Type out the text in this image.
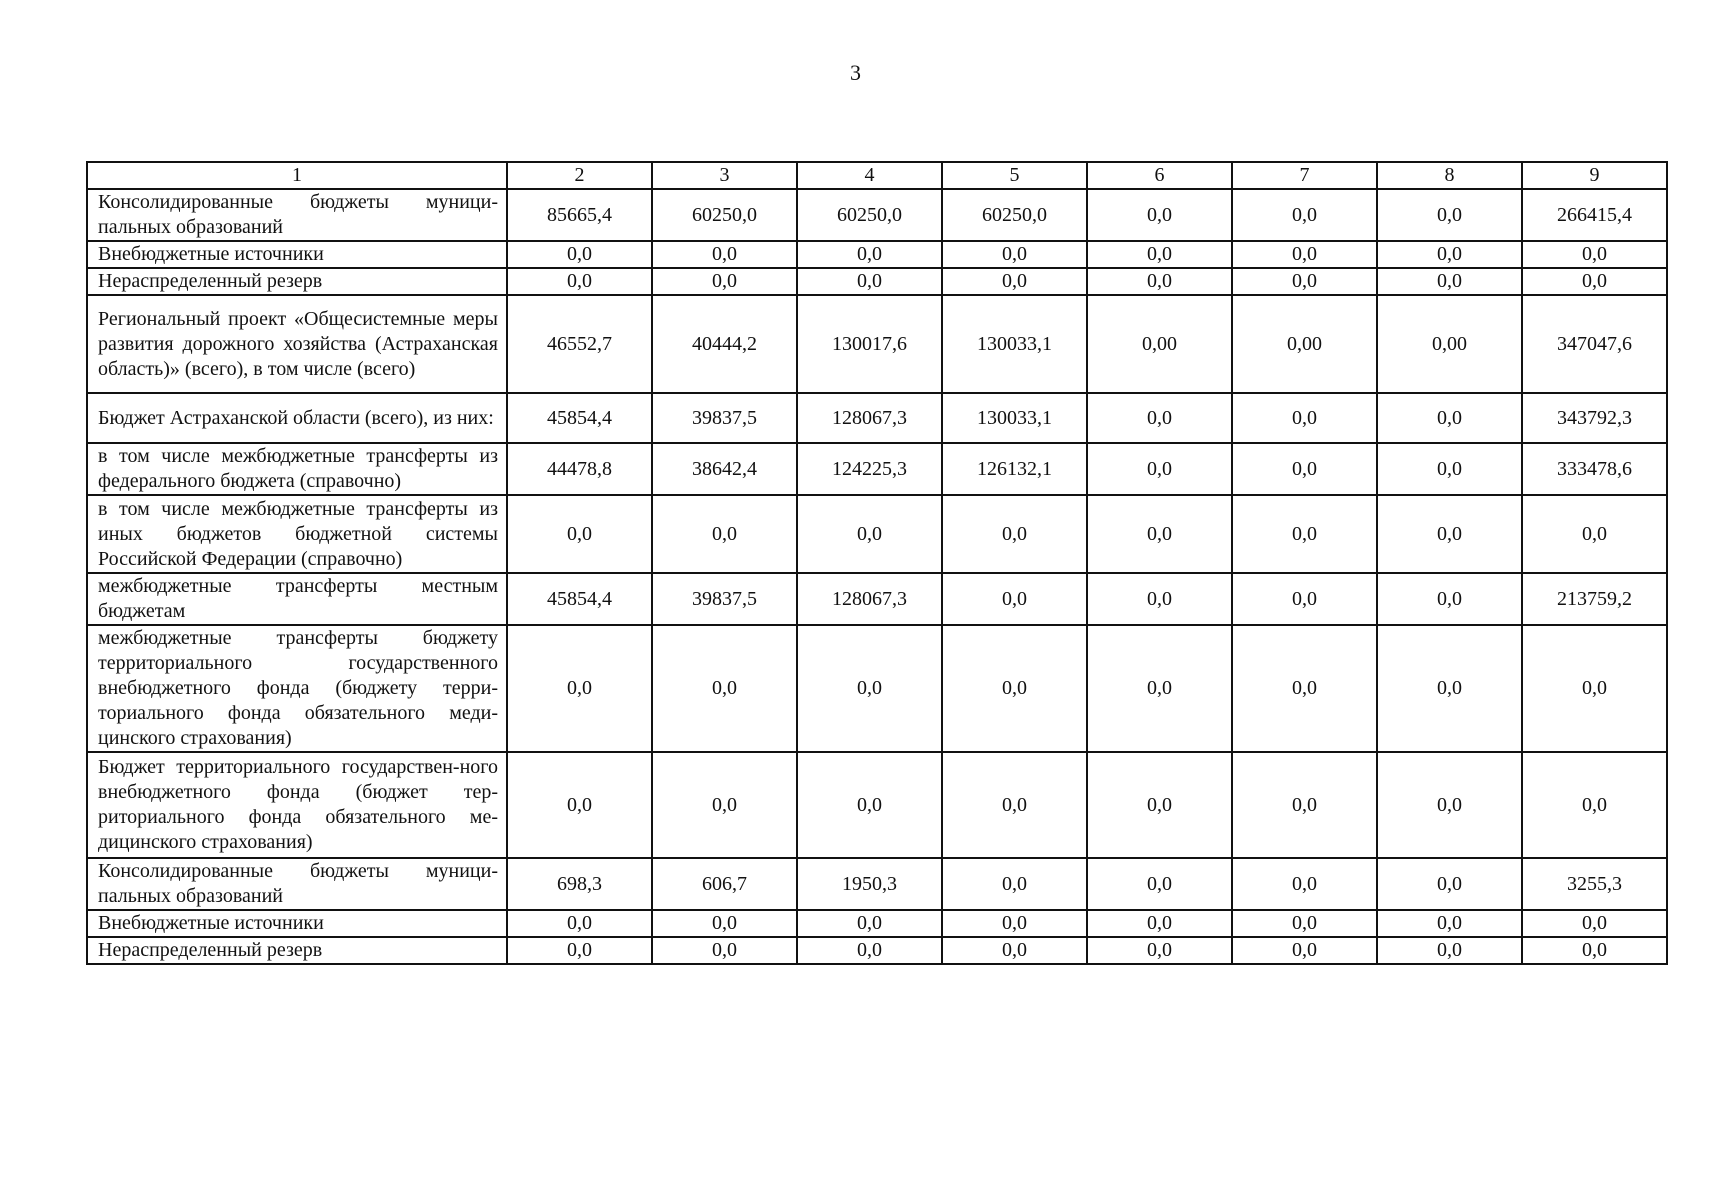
3
1	2	3	4	5	6	7	8	9
Консолидированные бюджеты муници-пальных образований	85665,4	60250,0	60250,0	60250,0	0,0	0,0	0,0	266415,4
Внебюджетные источники	0,0	0,0	0,0	0,0	0,0	0,0	0,0	0,0
Нераспределенный резерв	0,0	0,0	0,0	0,0	0,0	0,0	0,0	0,0
Региональный проект «Общесистемные меры развития дорожного хозяйства (Астраханская область)» (всего), в том числе (всего)	46552,7	40444,2	130017,6	130033,1	0,00	0,00	0,00	347047,6
Бюджет Астраханской области (всего), из них:	45854,4	39837,5	128067,3	130033,1	0,0	0,0	0,0	343792,3
в том числе межбюджетные трансферты из федерального бюджета (справочно)	44478,8	38642,4	124225,3	126132,1	0,0	0,0	0,0	333478,6
в том числе межбюджетные трансферты из иных бюджетов бюджетной системы Российской Федерации (справочно)	0,0	0,0	0,0	0,0	0,0	0,0	0,0	0,0
межбюджетные трансферты местным бюджетам	45854,4	39837,5	128067,3	0,0	0,0	0,0	0,0	213759,2
межбюджетные трансферты бюджету территориального государственного внебюджетного фонда (бюджету терри-ториального фонда обязательного меди-цинского страхования)	0,0	0,0	0,0	0,0	0,0	0,0	0,0	0,0
Бюджет территориального государствен-ного внебюджетного фонда (бюджет тер-риториального фонда обязательного ме-дицинского страхования)	0,0	0,0	0,0	0,0	0,0	0,0	0,0	0,0
Консолидированные бюджеты муници-пальных образований	698,3	606,7	1950,3	0,0	0,0	0,0	0,0	3255,3
Внебюджетные источники	0,0	0,0	0,0	0,0	0,0	0,0	0,0	0,0
Нераспределенный резерв	0,0	0,0	0,0	0,0	0,0	0,0	0,0	0,0
